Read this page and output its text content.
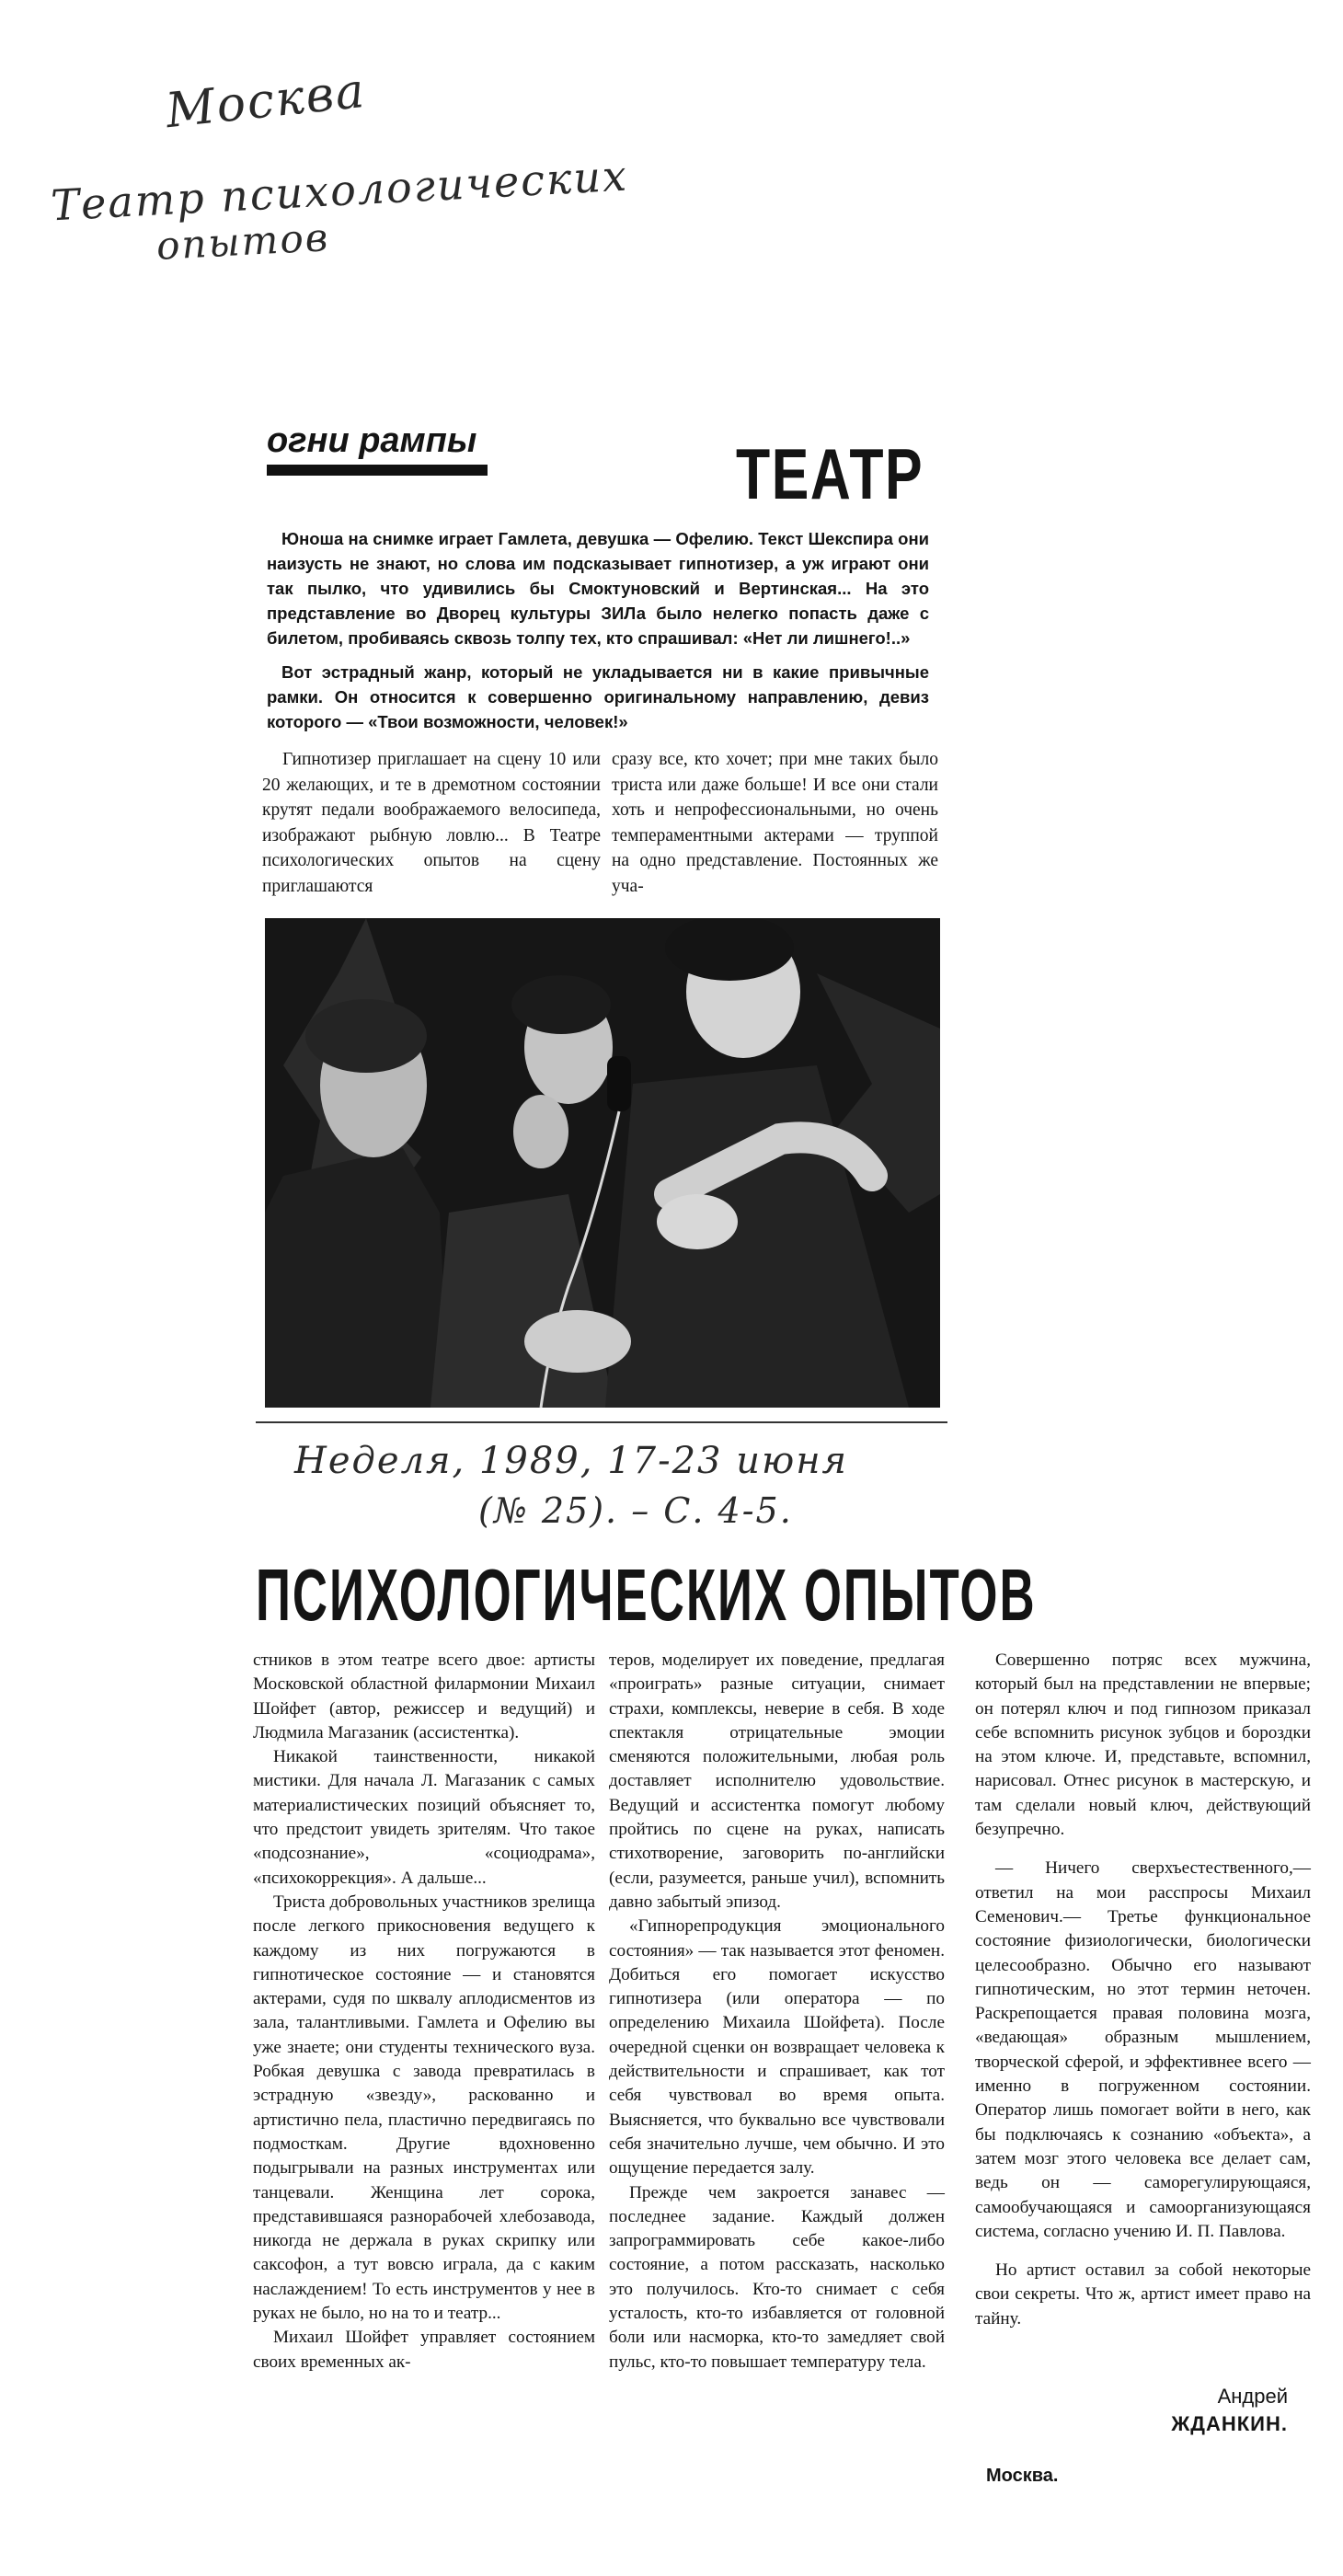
Москва
Театр психологических
опытов
огни рампы	ТЕАТР

Юноша на снимке играет Гамлета, девушка — Офелию. Текст Шекспира они наизусть не знают, но слова им подсказывает гипнотизер, а уж играют они так пылко, что удивились бы Смоктуновский и Вертинская... На это представление во Дворец культуры ЗИЛа было нелегко попасть даже с билетом, пробиваясь сквозь толпу тех, кто спрашивал: «Нет ли лишнего!..»

Вот эстрадный жанр, который не укладывается ни в какие привычные рамки. Он относится к совершенно оригинальному направлению, девиз которого — «Твои возможности, человек!»

Гипнотизер приглашает на сцену 10 или 20 желающих, и те в дремотном состоянии крутят педали воображаемого велосипеда, изображают рыбную ловлю... В Театре психологических опытов на сцену приглашаются

сразу все, кто хочет; при мне таких было триста или даже больше! И все они стали хоть и непрофессиональными, но очень темпераментными актерами — труппой на одно представление. Постоянных же уча-

Неделя, 1989, 17-23 июня
(№ 25). – С. 4-5.
ПСИХОЛОГИЧЕСКИХ ОПЫТОВ

стников в этом театре всего двое: артисты Московской областной филармонии Михаил Шойфет (автор, режиссер и ведущий) и Людмила Магазаник (ассистентка).

Никакой таинственности, никакой мистики. Для начала Л. Магазаник с самых материалистических позиций объясняет то, что предстоит увидеть зрителям. Что такое «подсознание», «социодрама», «психокоррекция». А дальше...

Триста добровольных участников зрелища после легкого прикосновения ведущего к каждому из них погружаются в гипнотическое состояние — и становятся актерами, судя по шквалу аплодисментов из зала, талантливыми. Гамлета и Офелию вы уже знаете; они студенты технического вуза. Робкая девушка с завода превратилась в эстрадную «звезду», раскованно и артистично пела, пластично передвигаясь по подмосткам. Другие вдохновенно подыгрывали на разных инструментах или танцевали. Женщина лет сорока, представившаяся разнорабочей хлебозавода, никогда не держала в руках скрипку или саксофон, а тут вовсю играла, да с каким наслаждением! То есть инструментов у нее в руках не было, но на то и театр...

Михаил Шойфет управляет состоянием своих временных ак-

теров, моделирует их поведение, предлагая «проиграть» разные ситуации, снимает страхи, комплексы, неверие в себя. В ходе спектакля отрицательные эмоции сменяются положительными, любая роль доставляет исполнителю удовольствие. Ведущий и ассистентка помогут любому пройтись по сцене на руках, написать стихотворение, заговорить по-английски (если, разумеется, раньше учил), вспомнить давно забытый эпизод.

«Гипнорепродукция эмоционального состояния» — так называется этот феномен. Добиться его помогает искусство гипнотизера (или оператора — по определению Михаила Шойфета). После очередной сценки он возвращает человека к действительности и спрашивает, как тот себя чувствовал во время опыта. Выясняется, что буквально все чувствовали себя значительно лучше, чем обычно. И это ощущение передается залу.

Прежде чем закроется занавес — последнее задание. Каждый должен запрограммировать себе какое-либо состояние, а потом рассказать, насколько это получилось. Кто-то снимает с себя усталость, кто-то избавляется от головной боли или насморка, кто-то замедляет свой пульс, кто-то повышает температуру тела.

Совершенно потряс всех мужчина, который был на представлении не впервые; он потерял ключ и под гипнозом приказал себе вспомнить рисунок зубцов и бороздки на этом ключе. И, представьте, вспомнил, нарисовал. Отнес рисунок в мастерскую, и там сделали новый ключ, действующий безупречно.

— Ничего сверхъестественного,— ответил на мои расспросы Михаил Семенович.— Третье функциональное состояние физиологически, биологически целесообразно. Обычно его называют гипнотическим, но этот термин неточен. Раскрепощается правая половина мозга, «ведающая» образным мышлением, творческой сферой, и эффективнее всего — именно в погруженном состоянии. Оператор лишь помогает войти в него, как бы подключаясь к сознанию «объекта», а затем мозг этого человека все делает сам, ведь он — саморегулирующаяся, самообучающаяся и самоорганизующаяся система, согласно учению И. П. Павлова.

Но артист оставил за собой некоторые свои секреты. Что ж, артист имеет право на тайну.

Андрей
ЖДАНКИН.
Москва.
